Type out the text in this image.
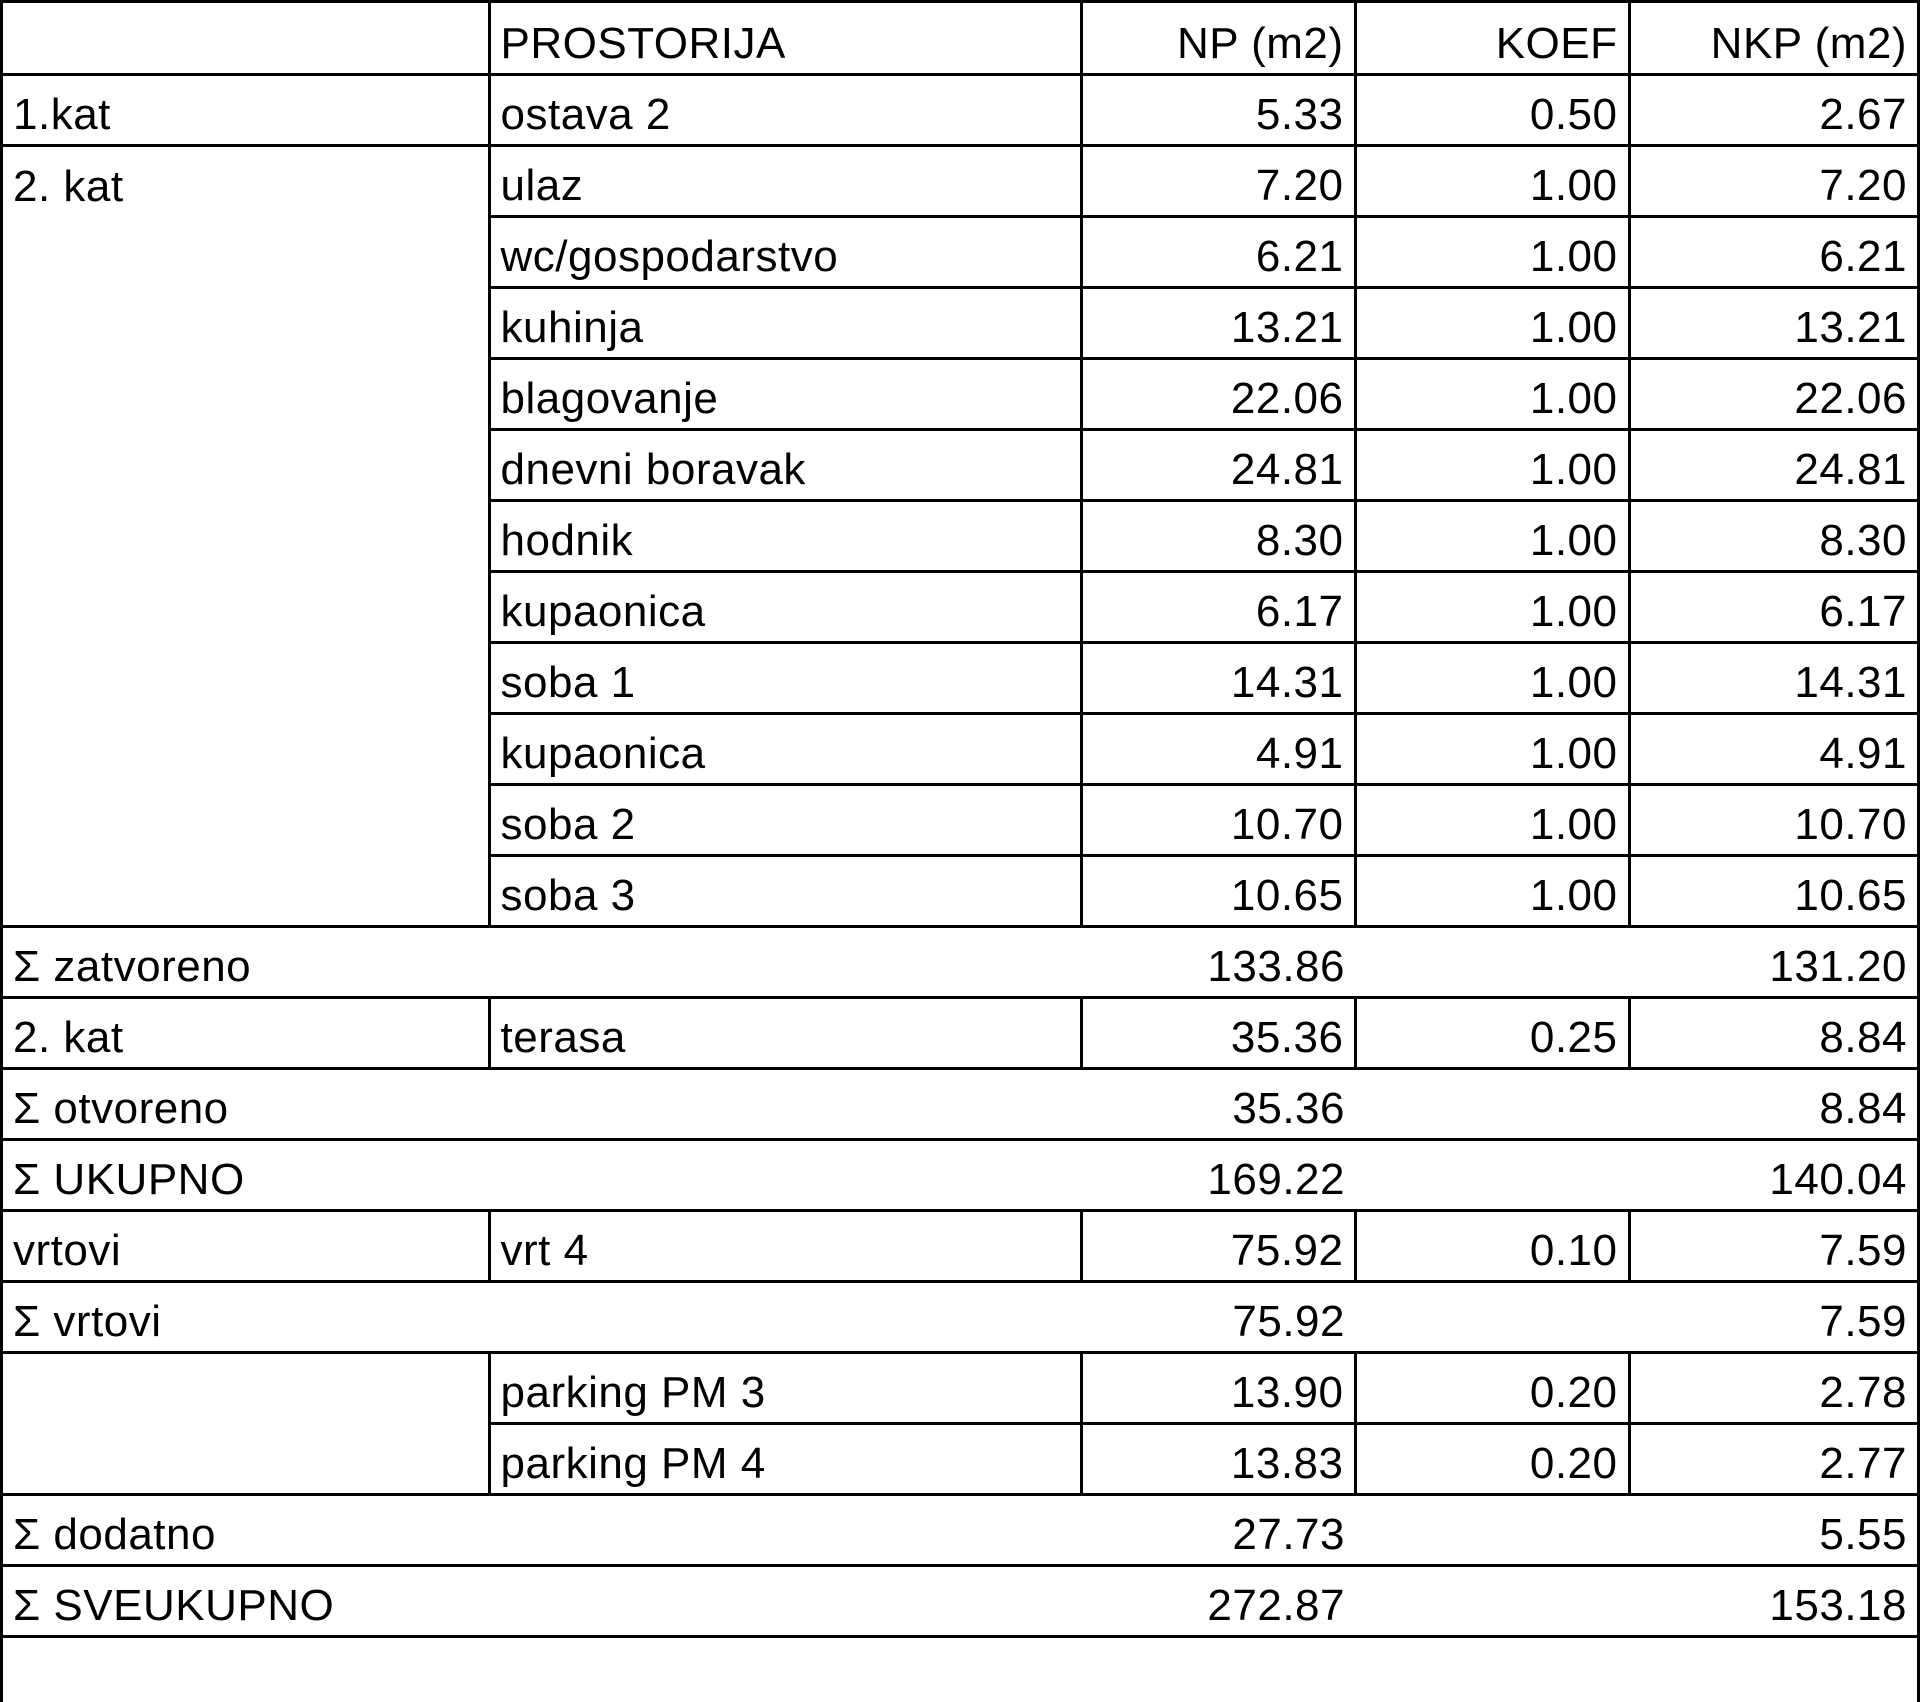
	PROSTORIJA	NP (m2)	KOEF	NKP (m2)
1.kat	ostava 2	5.33	0.50	2.67
2. kat	ulaz	7.20	1.00	7.20
	wc/gospodarstvo	6.21	1.00	6.21
	kuhinja	13.21	1.00	13.21
	blagovanje	22.06	1.00	22.06
	dnevni boravak	24.81	1.00	24.81
	hodnik	8.30	1.00	8.30
	kupaonica	6.17	1.00	6.17
	soba 1	14.31	1.00	14.31
	kupaonica	4.91	1.00	4.91
	soba 2	10.70	1.00	10.70
	soba 3	10.65	1.00	10.65
Σ zatvoreno		133.86		131.20
2. kat	terasa	35.36	0.25	8.84
Σ otvoreno		35.36		8.84
Σ UKUPNO		169.22		140.04
vrtovi	vrt 4	75.92	0.10	7.59
Σ vrtovi		75.92		7.59
	parking PM 3	13.90	0.20	2.78
	parking PM 4	13.83	0.20	2.77
Σ dodatno		27.73		5.55
Σ SVEUKUPNO		272.87		153.18
